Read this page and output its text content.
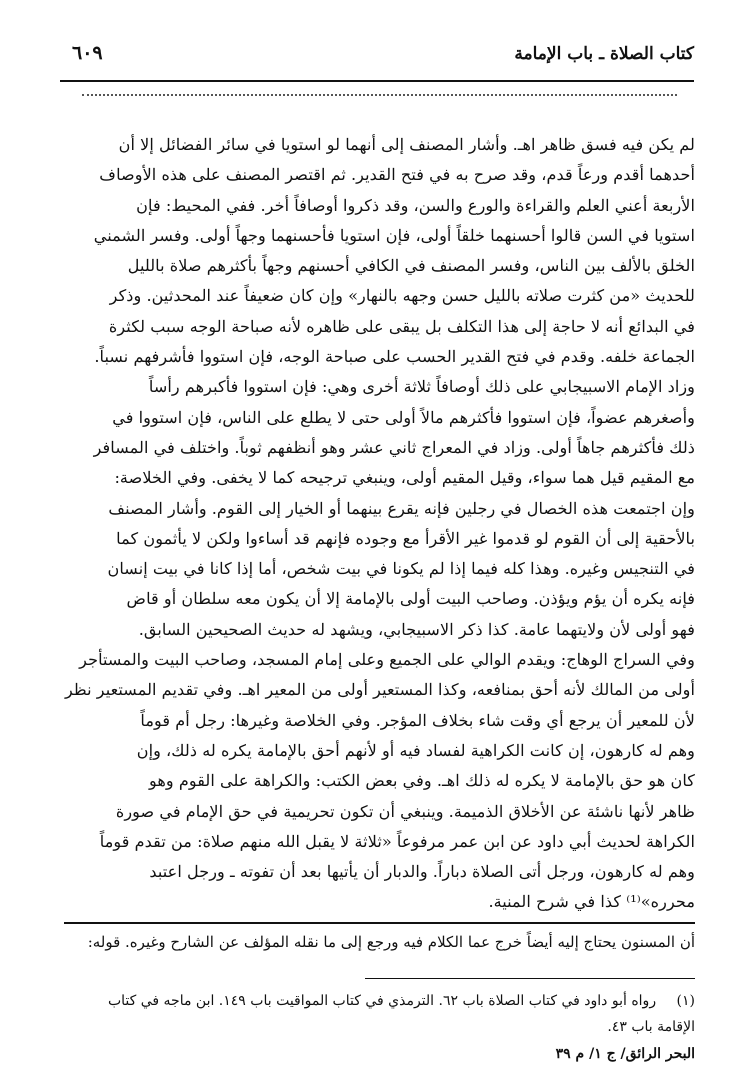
كتاب الصلاة ـ باب الإمامة
٦٠٩
لم يكن فيه فسق ظاهر اهـ. وأشار المصنف إلى أنهما لو استويا في سائر الفضائل إلا أن
أحدهما أقدم ورعاً قدم، وقد صرح به في فتح القدير. ثم اقتصر المصنف على هذه الأوصاف
الأربعة أعني العلم والقراءة والورع والسن، وقد ذكروا أوصافاً أخر. ففي المحيط: فإن
استويا في السن قالوا أحسنهما خلقاً أولى، فإن استويا فأحسنهما وجهاً أولى. وفسر الشمني
الخلق بالألف بين الناس، وفسر المصنف في الكافي أحسنهم وجهاً بأكثرهم صلاة بالليل
للحديث «من كثرت صلاته بالليل حسن وجهه بالنهار» وإن كان ضعيفاً عند المحدثين. وذكر
في البدائع أنه لا حاجة إلى هذا التكلف بل يبقى على ظاهره لأنه صباحة الوجه سبب لكثرة
الجماعة خلفه. وقدم في فتح القدير الحسب على صباحة الوجه، فإن استووا فأشرفهم نسباً.
وزاد الإمام الاسبيجابي على ذلك أوصافاً ثلاثة أخرى وهي: فإن استووا فأكبرهم رأساً
وأصغرهم عضواً، فإن استووا فأكثرهم مالاً أولى حتى لا يطلع على الناس، فإن استووا في
ذلك فأكثرهم جاهاً أولى. وزاد في المعراج ثاني عشر وهو أنظفهم ثوباً. واختلف في المسافر
مع المقيم قيل هما سواء، وقيل المقيم أولى، وينبغي ترجيحه كما لا يخفى. وفي الخلاصة:
وإن اجتمعت هذه الخصال في رجلين فإنه يقرع بينهما أو الخيار إلى القوم. وأشار المصنف
بالأحقية إلى أن القوم لو قدموا غير الأقرأ مع وجوده فإنهم قد أساءوا ولكن لا يأثمون كما
في التنجيس وغيره. وهذا كله فيما إذا لم يكونا في بيت شخص، أما إذا كانا في بيت إنسان
فإنه يكره أن يؤم ويؤذن. وصاحب البيت أولى بالإمامة إلا أن يكون معه سلطان أو قاض
فهو أولى لأن ولايتهما عامة. كذا ذكر الاسبيجابي، ويشهد له حديث الصحيحين السابق.
وفي السراج الوهاج: ويقدم الوالي على الجميع وعلى إمام المسجد، وصاحب البيت والمستأجر
أولى من المالك لأنه أحق بمنافعه، وكذا المستعير أولى من المعير اهـ. وفي تقديم المستعير نظر
لأن للمعير أن يرجع أي وقت شاء بخلاف المؤجر. وفي الخلاصة وغيرها: رجل أم قوماً
وهم له كارهون، إن كانت الكراهية لفساد فيه أو لأنهم أحق بالإمامة يكره له ذلك، وإن
كان هو حق بالإمامة لا يكره له ذلك اهـ. وفي بعض الكتب: والكراهة على القوم وهو
ظاهر لأنها ناشئة عن الأخلاق الذميمة. وينبغي أن تكون تحريمية في حق الإمام في صورة
الكراهة لحديث أبي داود عن ابن عمر مرفوعاً «ثلاثة لا يقبل الله منهم صلاة: من تقدم قوماً
وهم له كارهون، ورجل أتى الصلاة دباراً. والدبار أن يأتيها بعد أن تفوته ـ ورجل اعتبد
محرره»⁽¹⁾ كذا في شرح المنية.
أن المسنون يحتاج إليه أيضاً خرج عما الكلام فيه ورجع إلى ما نقله المؤلف عن الشارح وغيره. قوله:
(١) رواه أبو داود في كتاب الصلاة باب ٦٢. الترمذي في كتاب المواقيت باب ١٤٩. ابن ماجه في كتاب
الإقامة باب ٤٣.
البحر الرائق/ ج ١/ م ٣٩
